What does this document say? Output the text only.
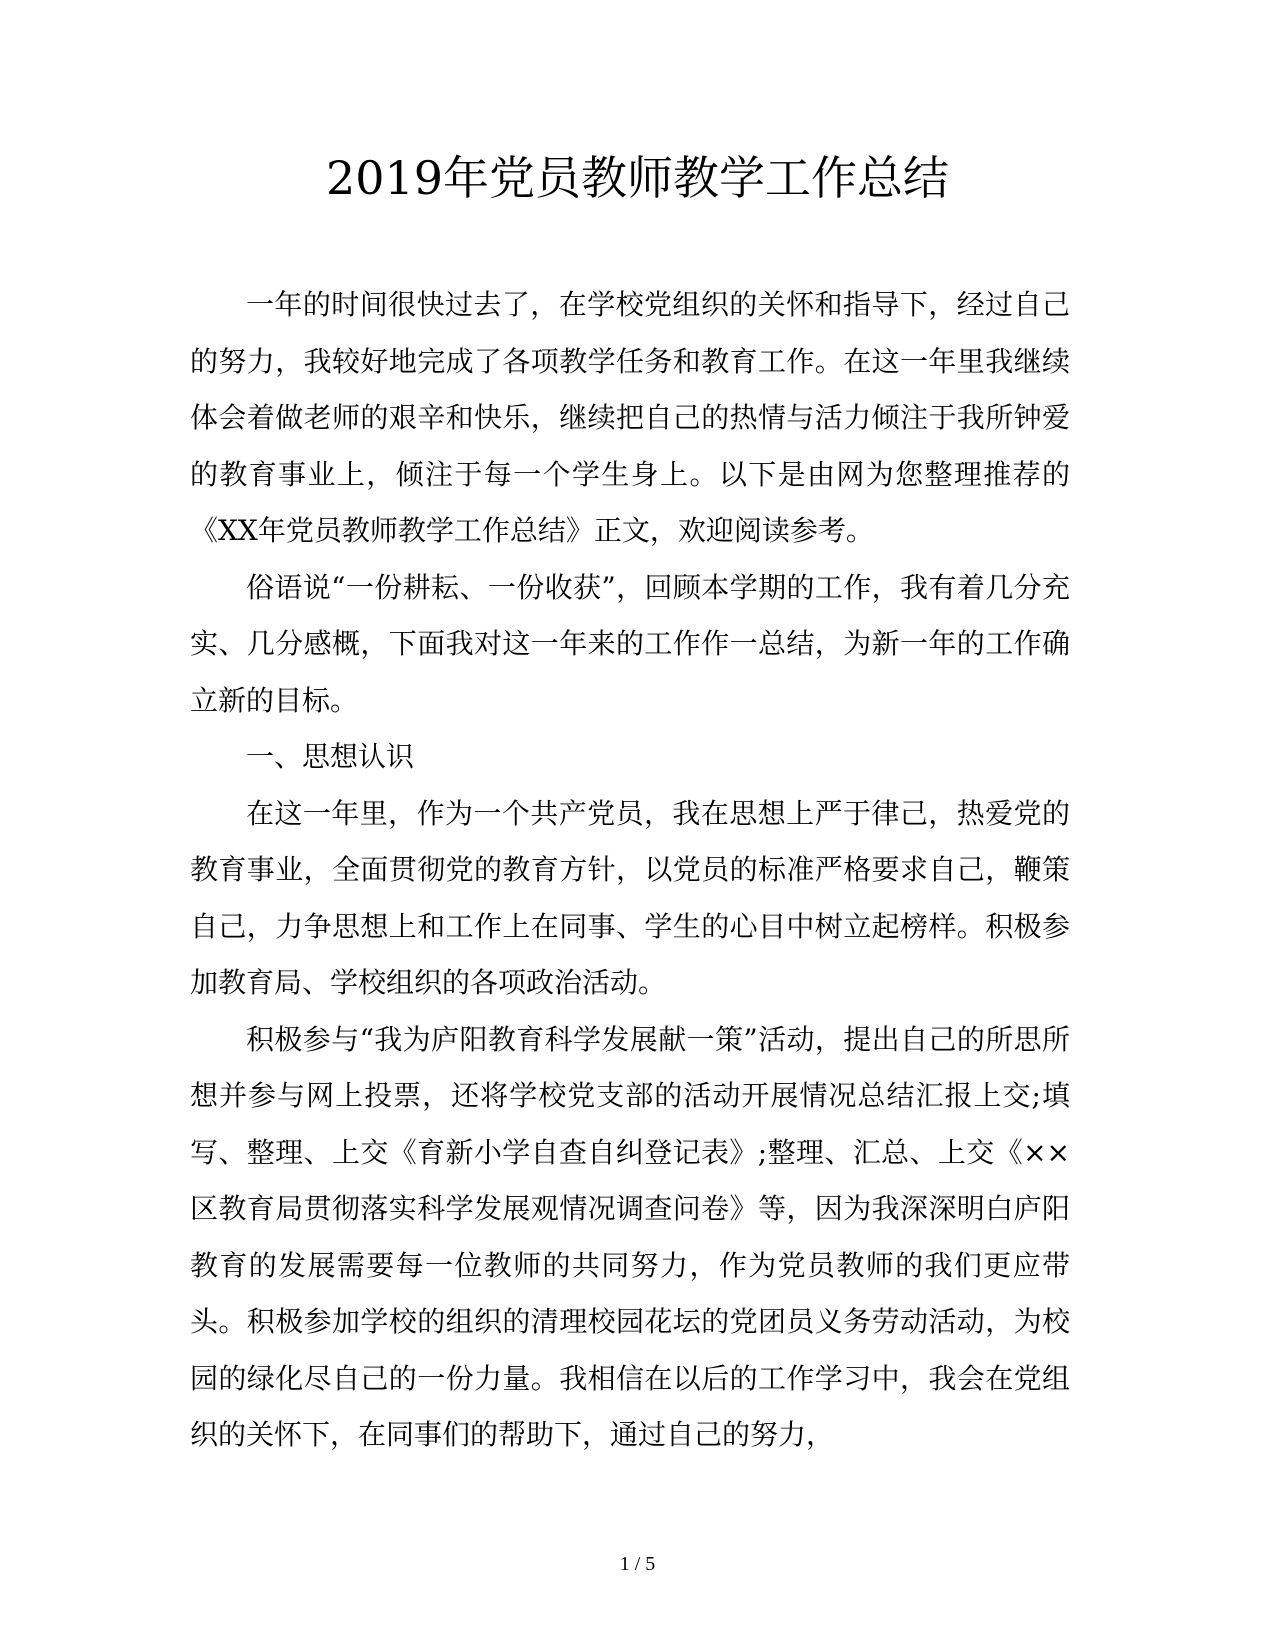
2019年党员教师教学工作总结

一年的时间很快过去了，在学校党组织的关怀和指导下，经过自己的努力，我较好地完成了各项教学任务和教育工作。在这一年里我继续体会着做老师的艰辛和快乐，继续把自己的热情与活力倾注于我所钟爱的教育事业上，倾注于每一个学生身上。以下是由网为您整理推荐的《XX年党员教师教学工作总结》正文，欢迎阅读参考。

俗语说“一份耕耘、一份收获”，回顾本学期的工作，我有着几分充实、几分感概，下面我对这一年来的工作作一总结，为新一年的工作确立新的目标。

一、思想认识

在这一年里，作为一个共产党员，我在思想上严于律己，热爱党的教育事业，全面贯彻党的教育方针，以党员的标准严格要求自己，鞭策自己，力争思想上和工作上在同事、学生的心目中树立起榜样。积极参加教育局、学校组织的各项政治活动。

积极参与“我为庐阳教育科学发展献一策”活动，提出自己的所思所想并参与网上投票，还将学校党支部的活动开展情况总结汇报上交;填写、整理、上交《育新小学自查自纠登记表》;整理、汇总、上交《××区教育局贯彻落实科学发展观情况调查问卷》等，因为我深深明白庐阳教育的发展需要每一位教师的共同努力，作为党员教师的我们更应带头。积极参加学校的组织的清理校园花坛的党团员义务劳动活动，为校园的绿化尽自己的一份力量。我相信在以后的工作学习中，我会在党组织的关怀下，在同事们的帮助下，通过自己的努力，

1 / 5
